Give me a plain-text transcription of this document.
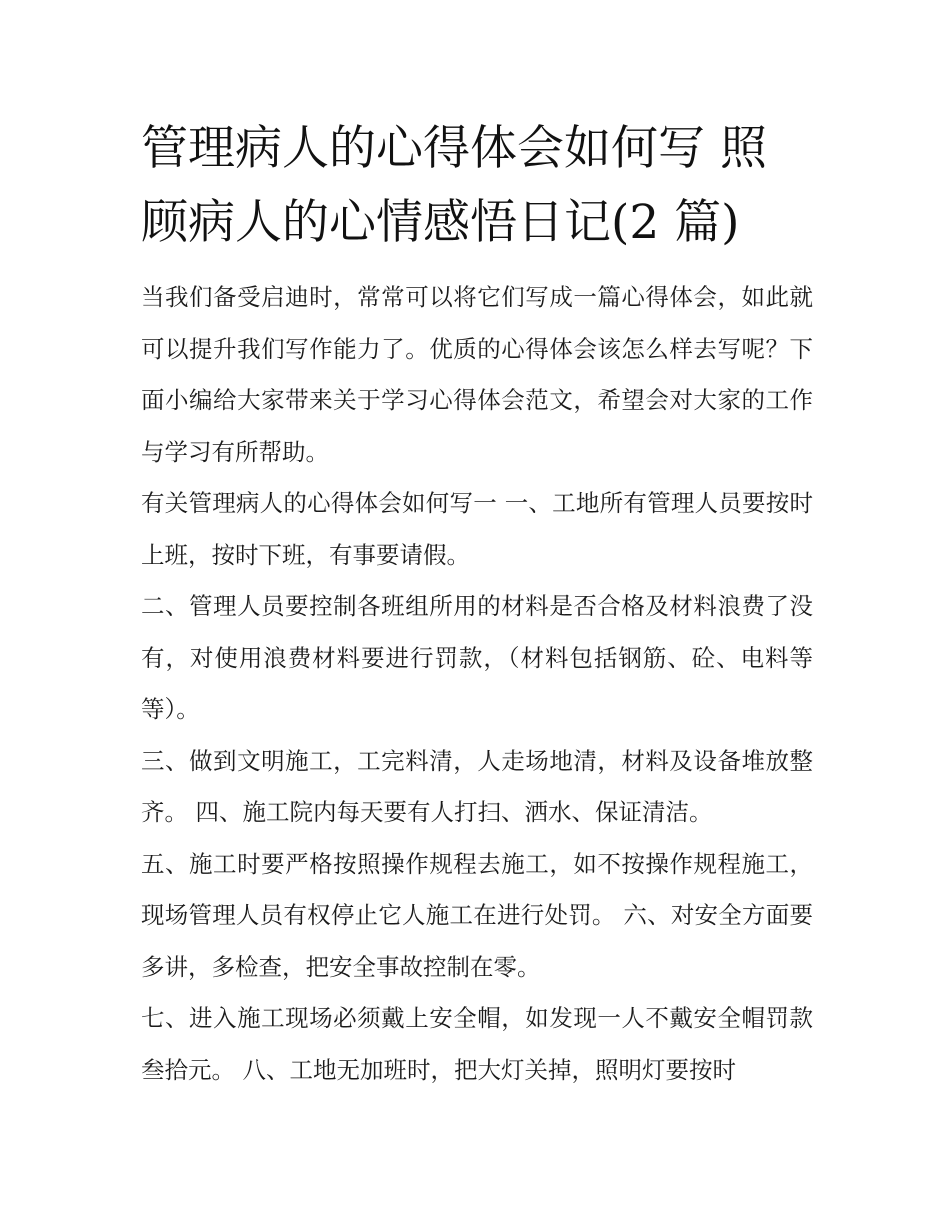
管理病人的心得体会如何写 照顾病人的心情感悟日记(2 篇)

当我们备受启迪时，常常可以将它们写成一篇心得体会，如此就可以提升我们写作能力了。优质的心得体会该怎么样去写呢？下面小编给大家带来关于学习心得体会范文，希望会对大家的工作与学习有所帮助。

有关管理病人的心得体会如何写一 一、工地所有管理人员要按时上班，按时下班，有事要请假。

二、管理人员要控制各班组所用的材料是否合格及材料浪费了没有，对使用浪费材料要进行罚款，（材料包括钢筋、砼、电料等等）。

三、做到文明施工，工完料清，人走场地清，材料及设备堆放整齐。 四、施工院内每天要有人打扫、洒水、保证清洁。

五、施工时要严格按照操作规程去施工，如不按操作规程施工，现场管理人员有权停止它人施工在进行处罚。 六、对安全方面要多讲，多检查，把安全事故控制在零。

七、进入施工现场必须戴上安全帽，如发现一人不戴安全帽罚款叁拾元。 八、工地无加班时，把大灯关掉，照明灯要按时
